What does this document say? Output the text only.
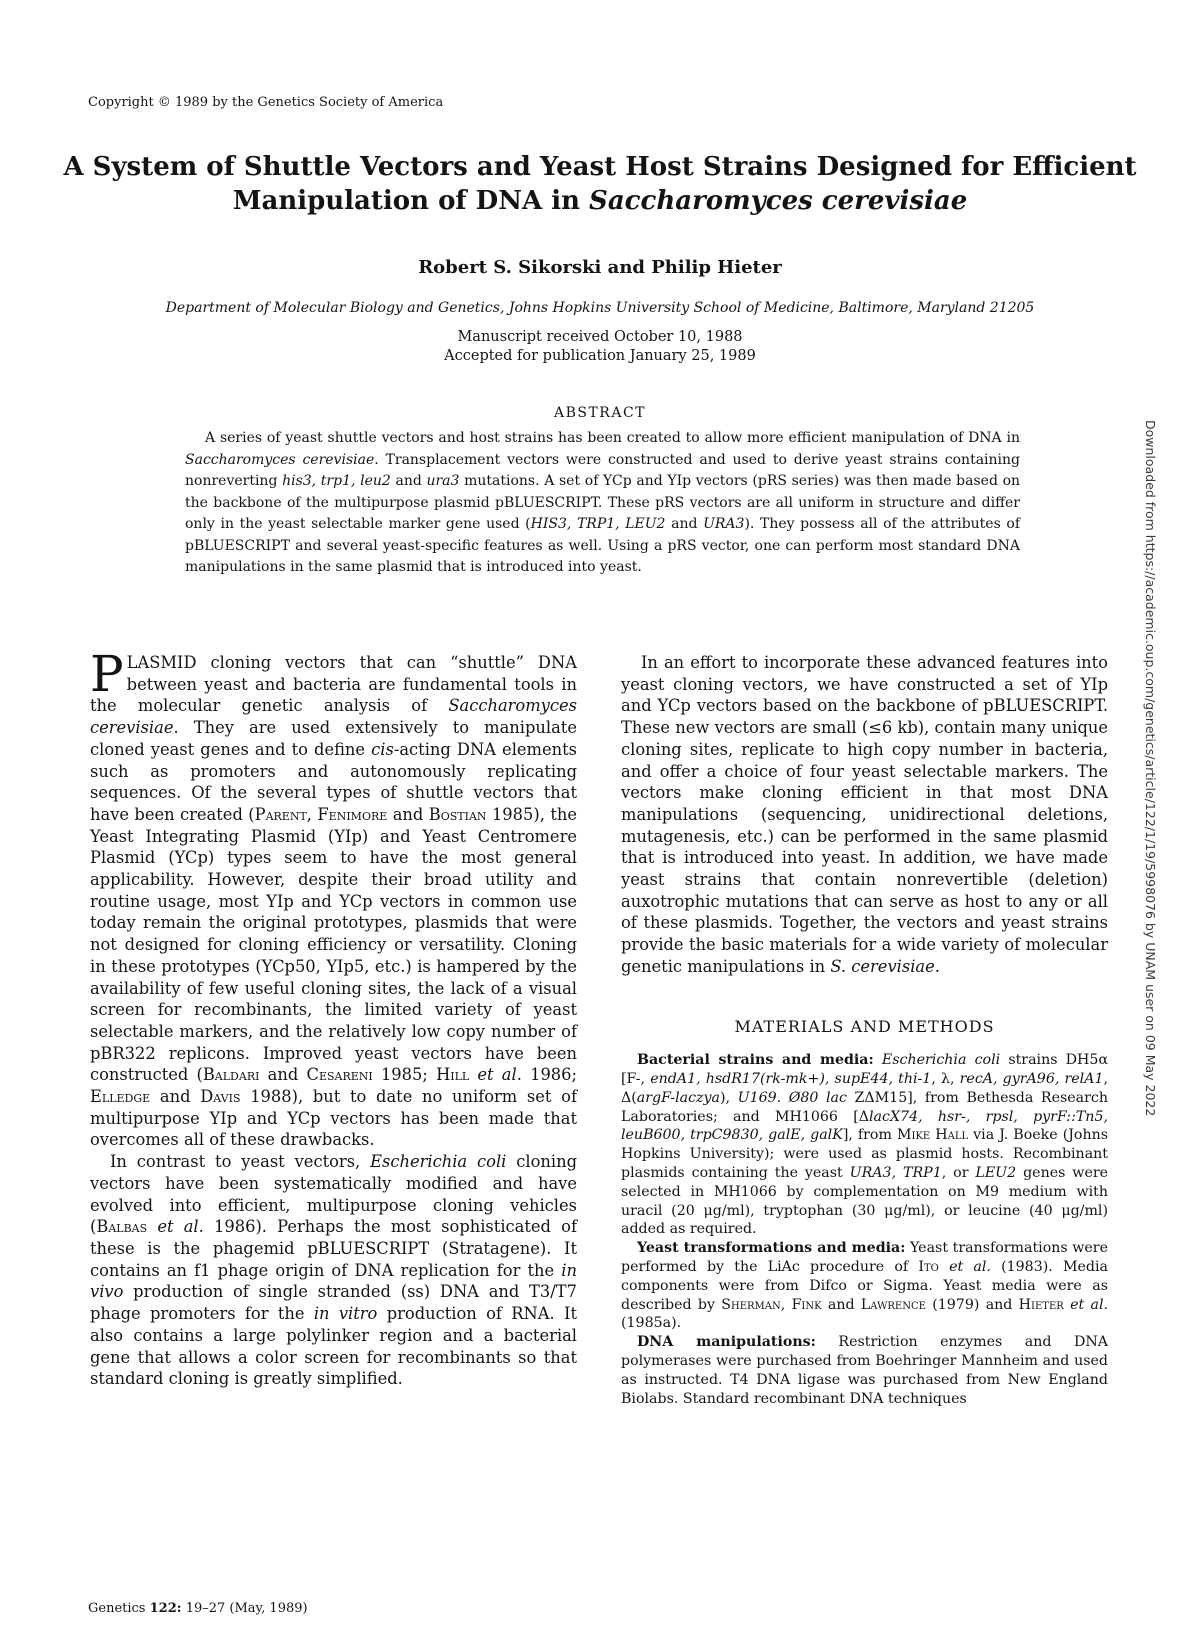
Copyright © 1989 by the Genetics Society of America
A System of Shuttle Vectors and Yeast Host Strains Designed for Efficient
Manipulation of DNA in Saccharomyces cerevisiae
Robert S. Sikorski and Philip Hieter
Department of Molecular Biology and Genetics, Johns Hopkins University School of Medicine, Baltimore, Maryland 21205
Manuscript received October 10, 1988
Accepted for publication January 25, 1989
ABSTRACT

A series of yeast shuttle vectors and host strains has been created to allow more efficient manipulation of DNA in Saccharomyces cerevisiae. Transplacement vectors were constructed and used to derive yeast strains containing nonreverting his3, trp1, leu2 and ura3 mutations. A set of YCp and YIp vectors (pRS series) was then made based on the backbone of the multipurpose plasmid pBLUESCRIPT. These pRS vectors are all uniform in structure and differ only in the yeast selectable marker gene used (HIS3, TRP1, LEU2 and URA3). They possess all of the attributes of pBLUESCRIPT and several yeast-specific features as well. Using a pRS vector, one can perform most standard DNA manipulations in the same plasmid that is introduced into yeast.

PLASMID cloning vectors that can “shuttle” DNA between yeast and bacteria are fundamental tools in the molecular genetic analysis of Saccharomyces cerevisiae. They are used extensively to manipulate cloned yeast genes and to define cis-acting DNA elements such as promoters and autonomously replicating sequences. Of the several types of shuttle vectors that have been created (Parent, Fenimore and Bostian 1985), the Yeast Integrating Plasmid (YIp) and Yeast Centromere Plasmid (YCp) types seem to have the most general applicability. However, despite their broad utility and routine usage, most YIp and YCp vectors in common use today remain the original prototypes, plasmids that were not designed for cloning efficiency or versatility. Cloning in these prototypes (YCp50, YIp5, etc.) is hampered by the availability of few useful cloning sites, the lack of a visual screen for recombinants, the limited variety of yeast selectable markers, and the relatively low copy number of pBR322 replicons. Improved yeast vectors have been constructed (Baldari and Cesareni 1985; Hill et al. 1986; Elledge and Davis 1988), but to date no uniform set of multipurpose YIp and YCp vectors has been made that overcomes all of these drawbacks.

In contrast to yeast vectors, Escherichia coli cloning vectors have been systematically modified and have evolved into efficient, multipurpose cloning vehicles (Balbas et al. 1986). Perhaps the most sophisticated of these is the phagemid pBLUESCRIPT (Stratagene). It contains an f1 phage origin of DNA replication for the in vivo production of single stranded (ss) DNA and T3/T7 phage promoters for the in vitro production of RNA. It also contains a large polylinker region and a bacterial gene that allows a color screen for recombinants so that standard cloning is greatly simplified.

In an effort to incorporate these advanced features into yeast cloning vectors, we have constructed a set of YIp and YCp vectors based on the backbone of pBLUESCRIPT. These new vectors are small (≤6 kb), contain many unique cloning sites, replicate to high copy number in bacteria, and offer a choice of four yeast selectable markers. The vectors make cloning efficient in that most DNA manipulations (sequencing, unidirectional deletions, mutagenesis, etc.) can be performed in the same plasmid that is introduced into yeast. In addition, we have made yeast strains that contain nonrevertible (deletion) auxotrophic mutations that can serve as host to any or all of these plasmids. Together, the vectors and yeast strains provide the basic materials for a wide variety of molecular genetic manipulations in S. cerevisiae.

MATERIALS AND METHODS

Bacterial strains and media: Escherichia coli strains DH5α [F-, endA1, hsdR17(rk-mk+), supE44, thi-1, λ, recA, gyrA96, relA1, Δ(argF-laczya), U169. Ø80 lac ZΔM15], from Bethesda Research Laboratories; and MH1066 [ΔlacX74, hsr-, rpsl, pyrF::Tn5, leuB600, trpC9830, galE, galK], from Mike Hall via J. Boeke (Johns Hopkins University); were used as plasmid hosts. Recombinant plasmids containing the yeast URA3, TRP1, or LEU2 genes were selected in MH1066 by complementation on M9 medium with uracil (20 μg/ml), tryptophan (30 μg/ml), or leucine (40 μg/ml) added as required.

Yeast transformations and media: Yeast transformations were performed by the LiAc procedure of Ito et al. (1983). Media components were from Difco or Sigma. Yeast media were as described by Sherman, Fink and Lawrence (1979) and Hieter et al. (1985a).

DNA manipulations: Restriction enzymes and DNA polymerases were purchased from Boehringer Mannheim and used as instructed. T4 DNA ligase was purchased from New England Biolabs. Standard recombinant DNA techniques

Genetics 122: 19–27 (May, 1989)
Downloaded from https://academic.oup.com/genetics/article/122/1/19/5998076 by UNAM user on 09 May 2022
